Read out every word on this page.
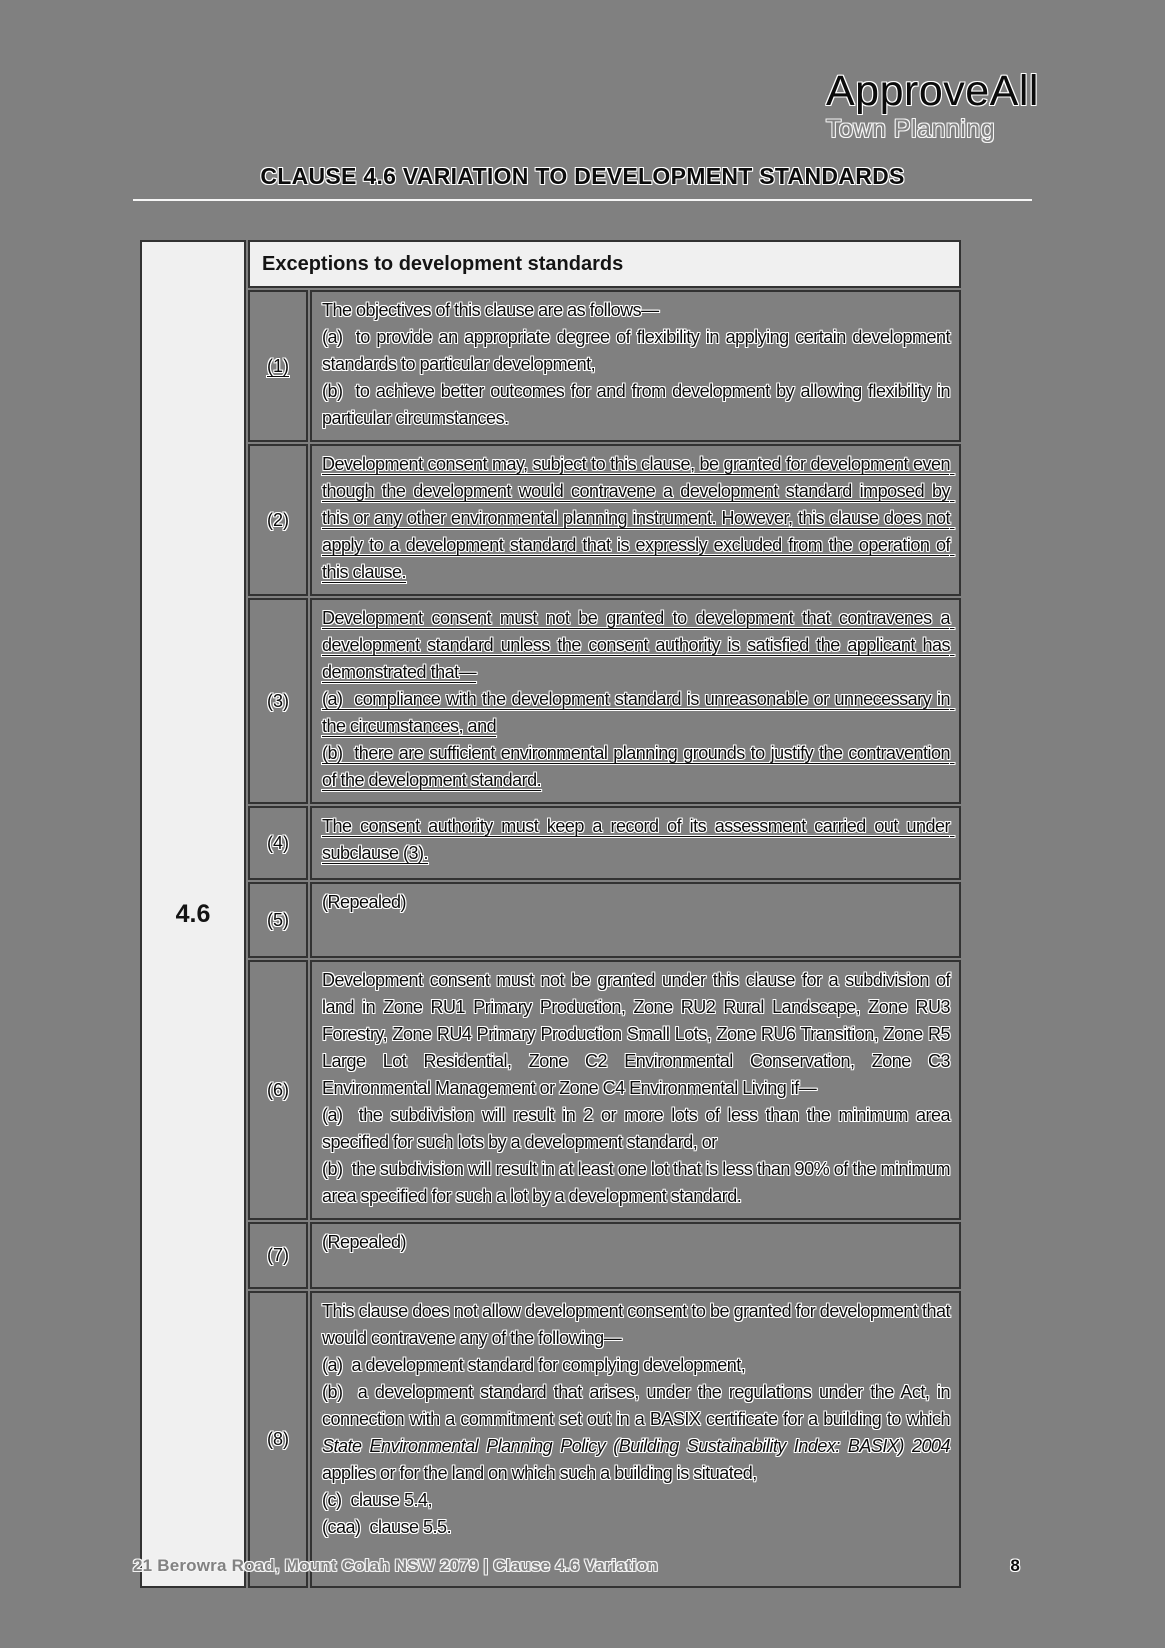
ApproveAll
Town Planning
CLAUSE 4.6 VARIATION TO DEVELOPMENT STANDARDS
4.6	Exceptions to development standards	
	(1)	The objectives of this clause are as follows—

(a)  to provide an appropriate degree of flexibility in applying certain development standards to particular development,

(b)  to achieve better outcomes for and from development by allowing flexibility in particular circumstances.

	(2)	Development consent may, subject to this clause, be granted for development even though the development would contravene a development standard imposed by this or any other environmental planning instrument. However, this clause does not apply to a development standard that is expressly excluded from the operation of this clause.

	(3)	Development consent must not be granted to development that contravenes a development standard unless the consent authority is satisfied the applicant has demonstrated that—

(a)  compliance with the development standard is unreasonable or unnecessary in the circumstances, and

(b)  there are sufficient environmental planning grounds to justify the contravention of the development standard.

	(4)	The consent authority must keep a record of its assessment carried out under subclause (3).

	(5)	(Repealed)

	(6)	Development consent must not be granted under this clause for a subdivision of land in Zone RU1 Primary Production, Zone RU2 Rural Landscape, Zone RU3 Forestry, Zone RU4 Primary Production Small Lots, Zone RU6 Transition, Zone R5 Large Lot Residential, Zone C2 Environmental Conservation, Zone C3 Environmental Management or Zone C4 Environmental Living if—

(a)  the subdivision will result in 2 or more lots of less than the minimum area specified for such lots by a development standard, or

(b)  the subdivision will result in at least one lot that is less than 90% of the minimum area specified for such a lot by a development standard.

	(7)	(Repealed)

	(8)	This clause does not allow development consent to be granted for development that would contravene any of the following—

(a)  a development standard for complying development,

(b)  a development standard that arises, under the regulations under the Act, in connection with a commitment set out in a BASIX certificate for a building to which State Environmental Planning Policy (Building Sustainability Index: BASIX) 2004 applies or for the land on which such a building is situated,

(c)  clause 5.4,

(caa)  clause 5.5.

21 Berowra Road, Mount Colah NSW 2079 | Clause 4.6 Variation	8
